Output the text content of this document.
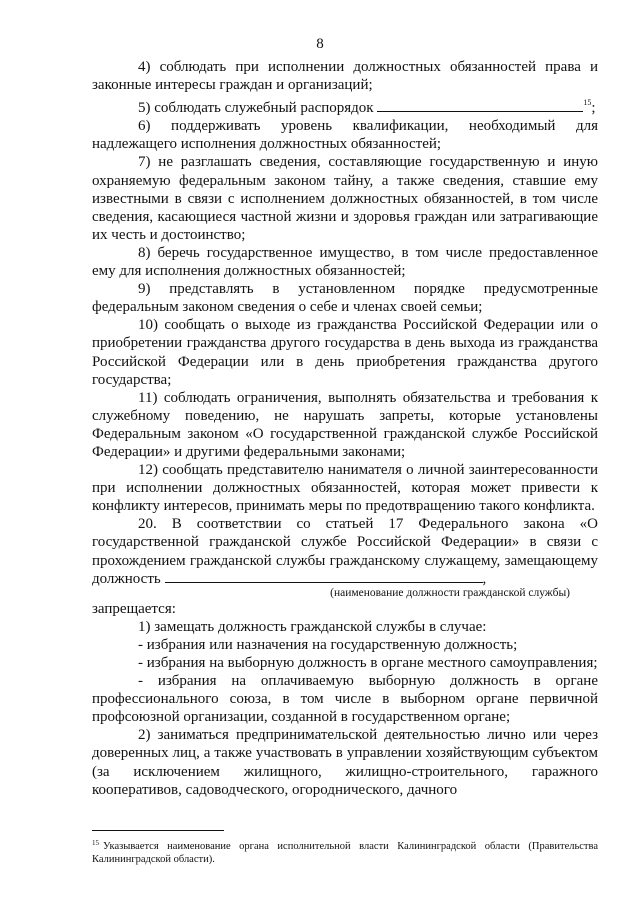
8

4) соблюдать при исполнении должностных обязанностей права и законные интересы граждан и организаций;

5) соблюдать служебный распорядок	$^{15}$;

6) поддерживать уровень квалификации, необходимый для надлежащего исполнения должностных обязанностей;

7) не разглашать сведения, составляющие государственную и иную охраняемую федеральным законом тайну, а также сведения, ставшие ему известными в связи с исполнением должностных обязанностей, в том числе сведения, касающиеся частной жизни и здоровья граждан или затрагивающие их честь и достоинство;

8) беречь государственное имущество, в том числе предоставленное ему для исполнения должностных обязанностей;

9) представлять в установленном порядке предусмотренные федеральным законом сведения о себе и членах своей семьи;

10) сообщать о выходе из гражданства Российской Федерации или о приобретении гражданства другого государства в день выхода из гражданства Российской Федерации или в день приобретения гражданства другого государства;

11) соблюдать ограничения, выполнять обязательства и требования к служебному поведению, не нарушать запреты, которые установлены Федеральным законом «О государственной гражданской службе Российской Федерации» и другими федеральными законами;

12) сообщать представителю нанимателя о личной заинтересованности при исполнении должностных обязанностей, которая может привести к конфликту интересов, принимать меры по предотвращению такого конфликта.

20. В соответствии со статьей 17 Федерального закона «О государственной гражданской службе Российской Федерации» в связи с прохождением гражданской службы гражданскому служащему, замещающему должность	,

(наименование должности гражданской службы)

запрещается:

1) замещать должность гражданской службы в случае:

- избрания или назначения на государственную должность;

- избрания на выборную должность в органе местного самоуправления;

- избрания на оплачиваемую выборную должность в органе профессионального союза, в том числе в выборном органе первичной профсоюзной организации, созданной в государственном органе;

2) заниматься предпринимательской деятельностью лично или через доверенных лиц, а также участвовать в управлении хозяйствующим субъектом (за исключением жилищного, жилищно-строительного, гаражного кооперативов, садоводческого, огороднического, дачного

$^{15}$ Указывается наименование органа исполнительной власти Калининградской области (Правительства Калининградской области).
